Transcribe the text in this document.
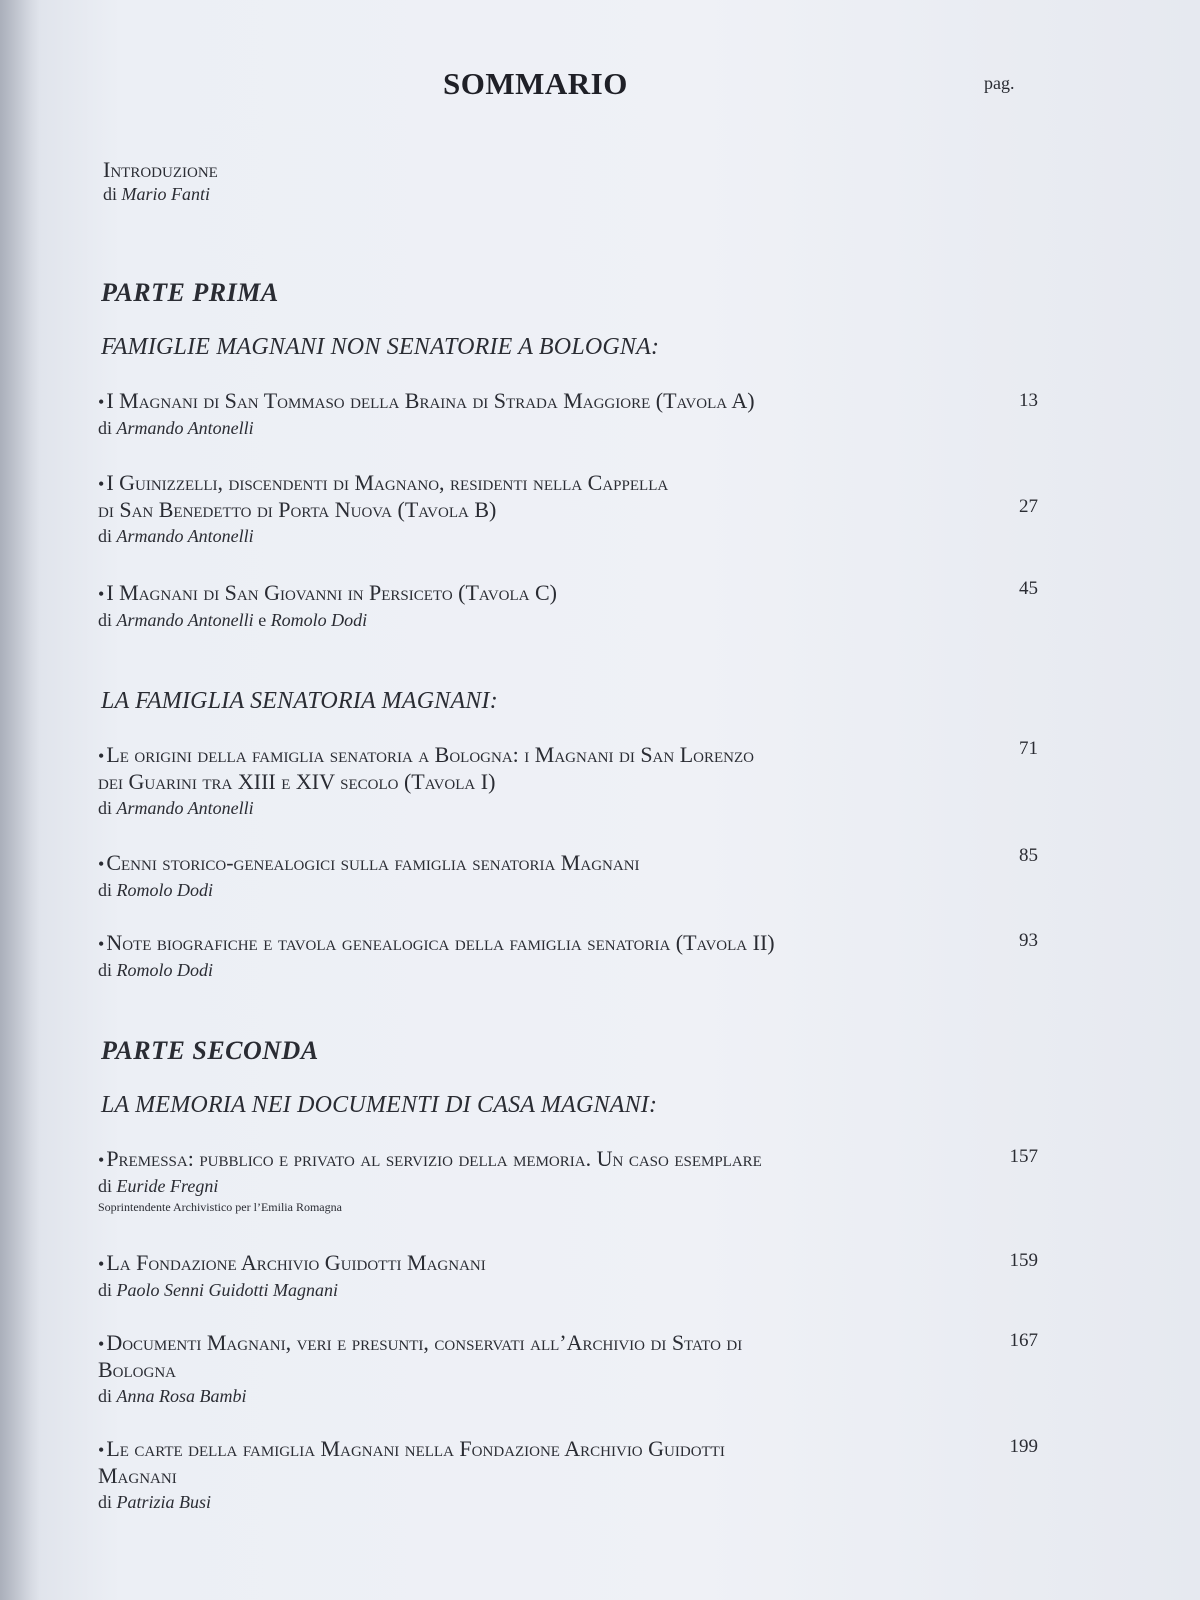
SOMMARIO	pag.
Introduzione
di Mario Fanti
PARTE PRIMA
FAMIGLIE MAGNANI NON SENATORIE A BOLOGNA:
•I Magnani di San Tommaso della Braina di Strada Maggiore (Tavola A)
di Armando Antonelli
13
•I Guinizzelli, discendenti di Magnano, residenti nella Cappella
di San Benedetto di Porta Nuova (Tavola B)
di Armando Antonelli
27
•I Magnani di San Giovanni in Persiceto (Tavola C)
di Armando Antonelli e Romolo Dodi
45
LA FAMIGLIA SENATORIA MAGNANI:
•Le origini della famiglia senatoria a Bologna: i Magnani di San Lorenzo
dei Guarini tra XIII e XIV secolo (Tavola I)
di Armando Antonelli
71
•Cenni storico-genealogici sulla famiglia senatoria Magnani
di Romolo Dodi
85
•Note biografiche e tavola genealogica della famiglia senatoria (Tavola II)
di Romolo Dodi
93
PARTE SECONDA
LA MEMORIA NEI DOCUMENTI DI CASA MAGNANI:
•Premessa: pubblico e privato al servizio della memoria. Un caso esemplare
di Euride Fregni
Soprintendente Archivistico per l’Emilia Romagna
157
•La Fondazione Archivio Guidotti Magnani
di Paolo Senni Guidotti Magnani
159
•Documenti Magnani, veri e presunti, conservati all’Archivio di Stato di
Bologna
di Anna Rosa Bambi
167
•Le carte della famiglia Magnani nella Fondazione Archivio Guidotti
Magnani
di Patrizia Busi
199
